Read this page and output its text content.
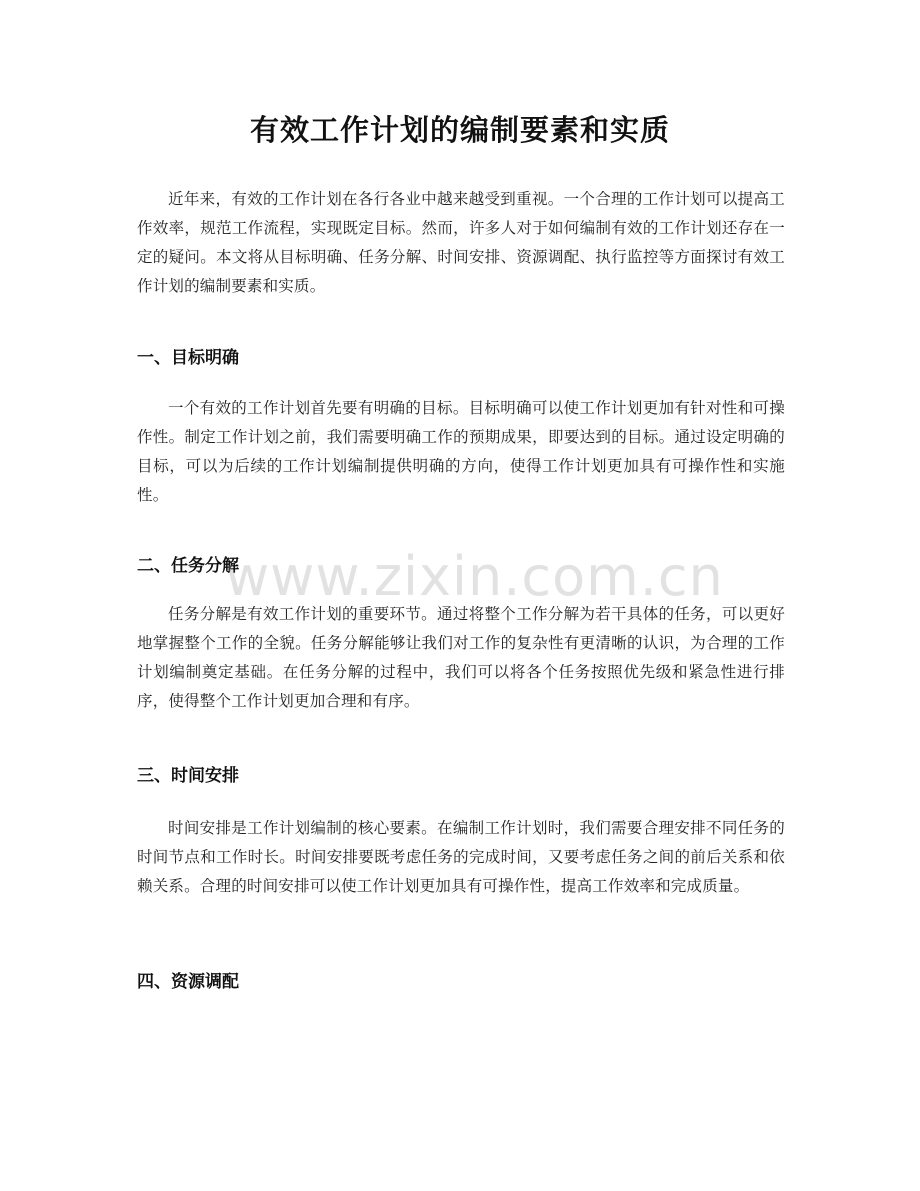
有效工作计划的编制要素和实质
近年来，有效的工作计划在各行各业中越来越受到重视。一个合理的工作计划可以提高工作效率，规范工作流程，实现既定目标。然而，许多人对于如何编制有效的工作计划还存在一定的疑问。本文将从目标明确、任务分解、时间安排、资源调配、执行监控等方面探讨有效工作计划的编制要素和实质。
一、目标明确
一个有效的工作计划首先要有明确的目标。目标明确可以使工作计划更加有针对性和可操作性。制定工作计划之前，我们需要明确工作的预期成果，即要达到的目标。通过设定明确的目标，可以为后续的工作计划编制提供明确的方向，使得工作计划更加具有可操作性和实施性。
二、任务分解
任务分解是有效工作计划的重要环节。通过将整个工作分解为若干具体的任务，可以更好地掌握整个工作的全貌。任务分解能够让我们对工作的复杂性有更清晰的认识，为合理的工作计划编制奠定基础。在任务分解的过程中，我们可以将各个任务按照优先级和紧急性进行排序，使得整个工作计划更加合理和有序。
三、时间安排
时间安排是工作计划编制的核心要素。在编制工作计划时，我们需要合理安排不同任务的时间节点和工作时长。时间安排要既考虑任务的完成时间，又要考虑任务之间的前后关系和依赖关系。合理的时间安排可以使工作计划更加具有可操作性，提高工作效率和完成质量。
四、资源调配
www.zixin.com.cn
